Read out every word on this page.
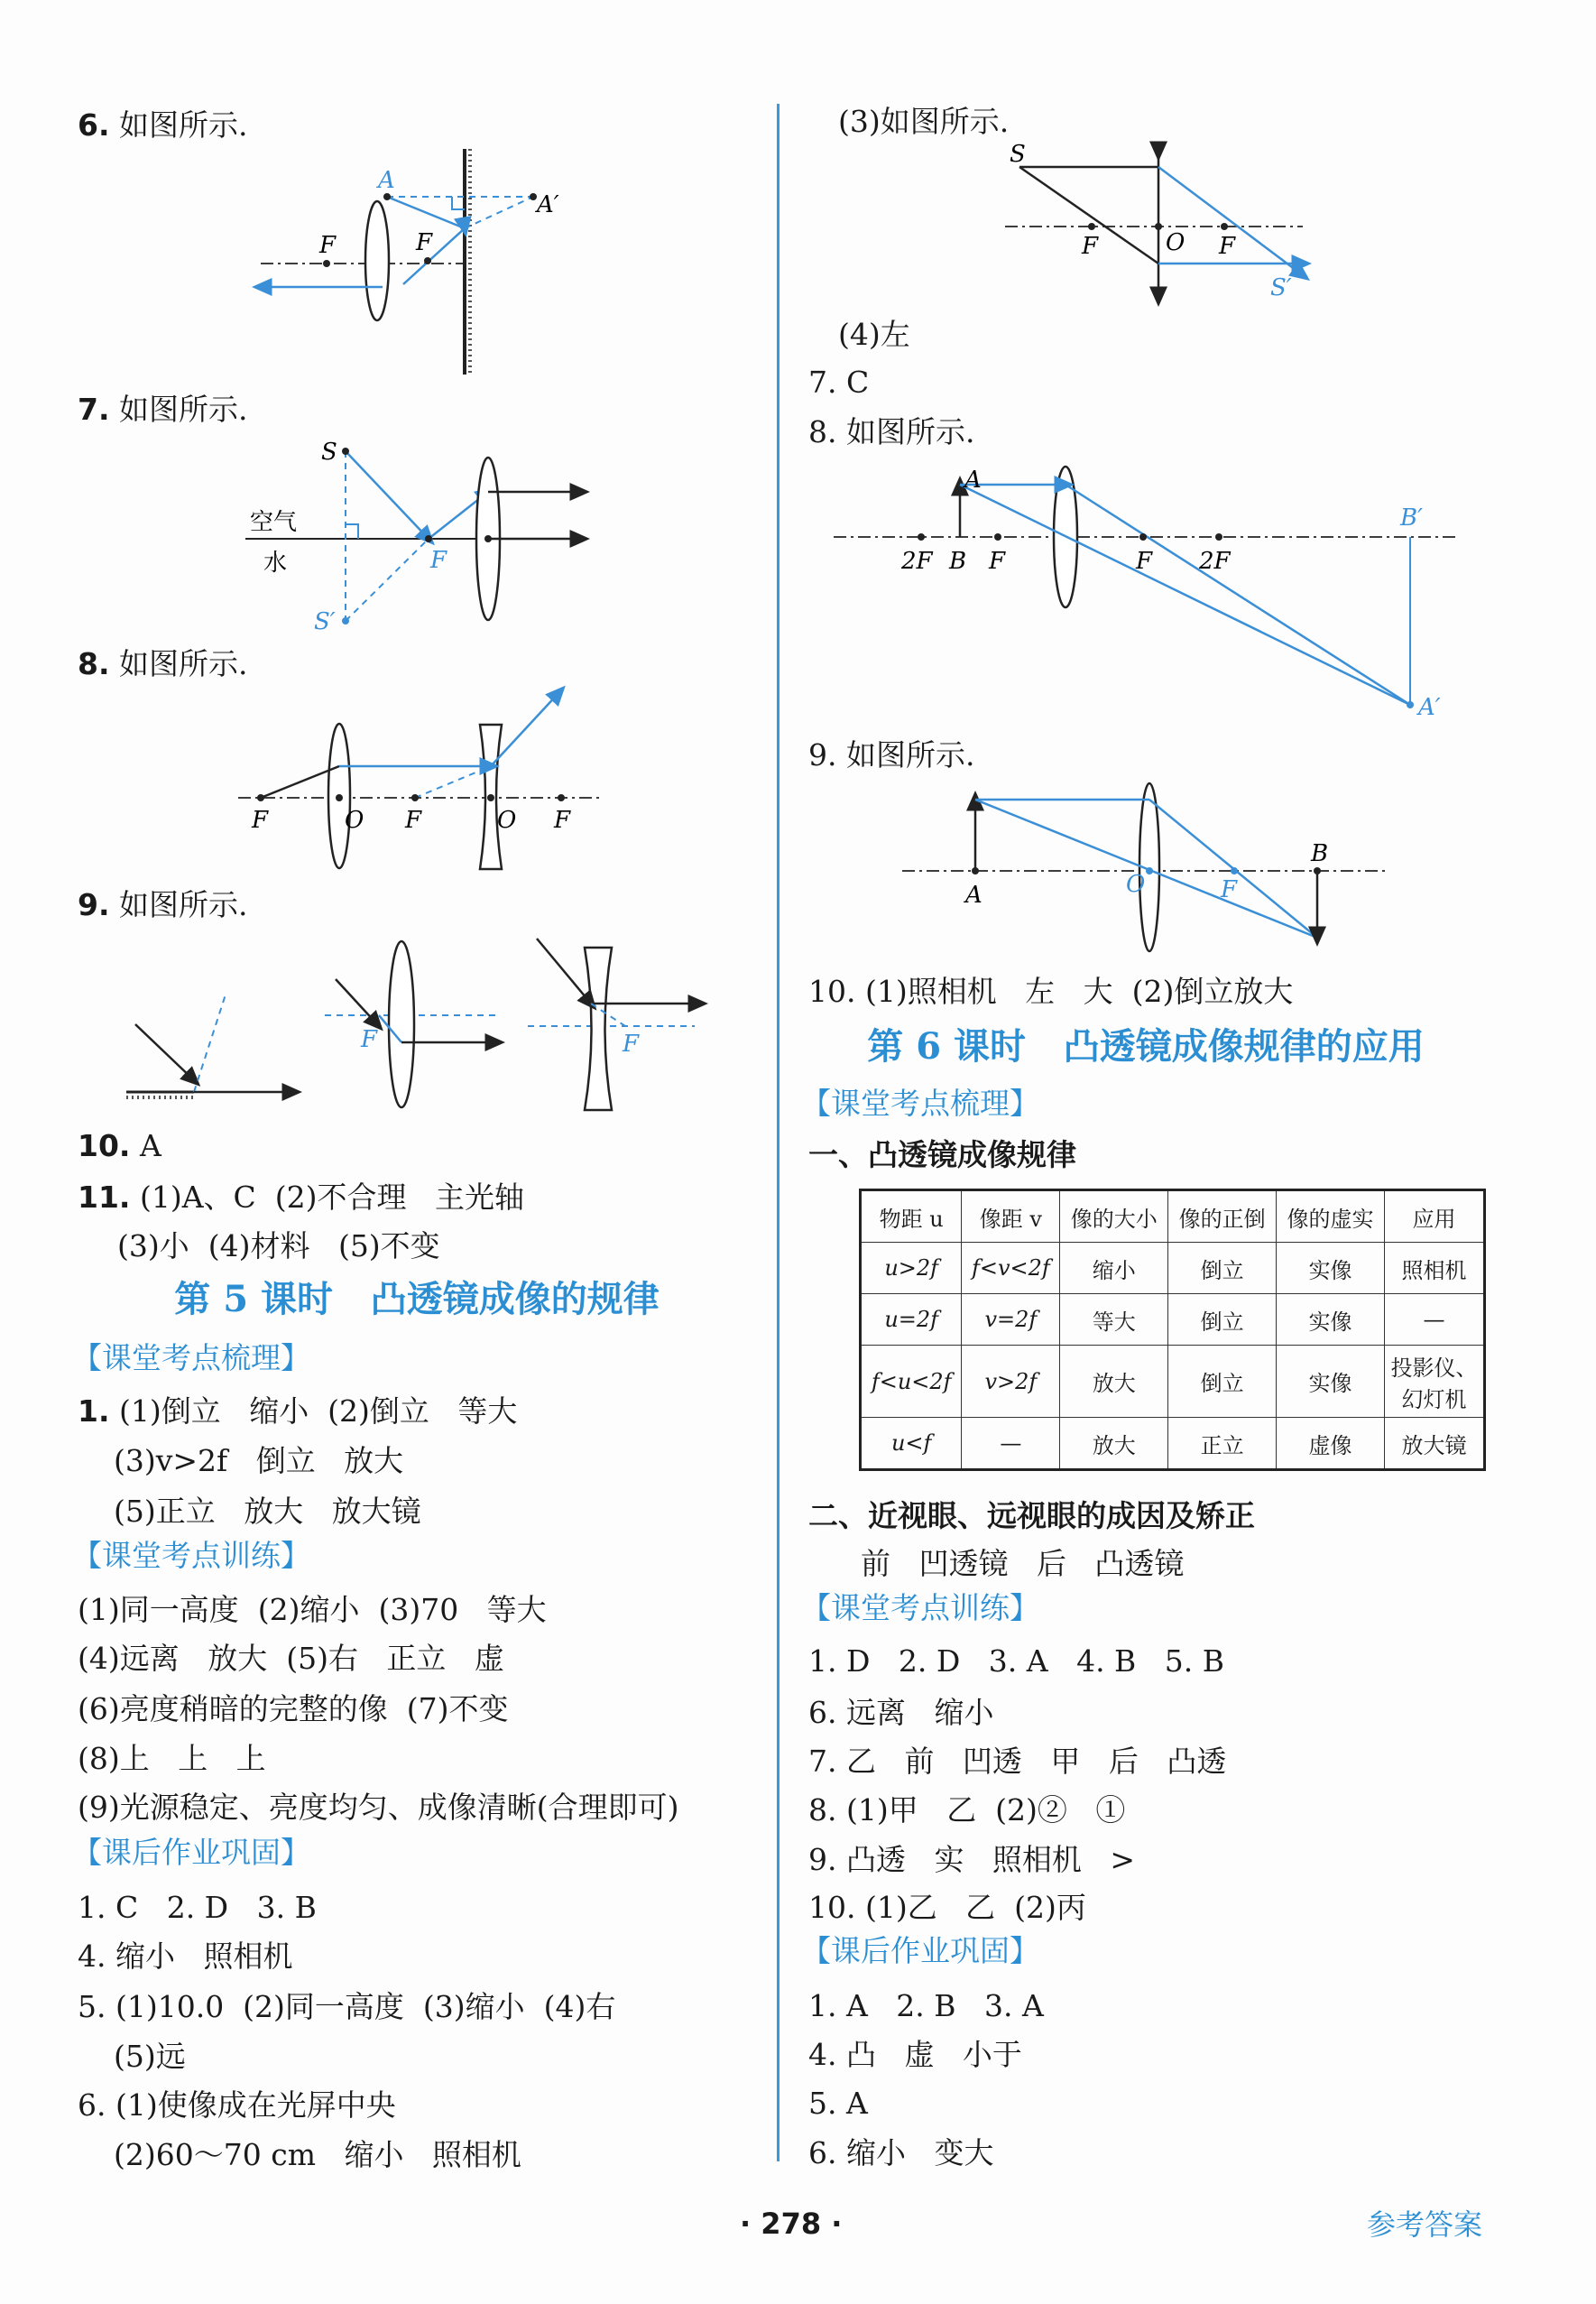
6. 如图所示.
A
A′
F	F
7. 如图所示.
S
S′
F
空气
水
8. 如图所示.
F	O F	O F
9. 如图所示.
F	F
10. A
11. (1)A、C  (2)不合理   主光轴
(3)小  (4)材料   (5)不变
第 5 课时   凸透镜成像的规律
【课堂考点梳理】
1. (1)倒立   缩小  (2)倒立   等大
(3)v>2f   倒立   放大
(5)正立   放大   放大镜
【课堂考点训练】
(1)同一高度  (2)缩小  (3)70   等大
(4)远离   放大  (5)右   正立   虚
(6)亮度稍暗的完整的像  (7)不变
(8)上   上   上
(9)光源稳定、亮度均匀、成像清晰(合理即可)
【课后作业巩固】
1. C   2. D   3. B
4. 缩小   照相机
5. (1)10.0  (2)同一高度  (3)缩小  (4)右
(5)远
6. (1)使像成在光屏中央
(2)60～70 cm   缩小   照相机
(3)如图所示.
S
F	O F
S′
(4)左
7. C
8. 如图所示.
A
2F B F	F 2F
B′
A′
9. 如图所示.
A	O	F
B
10. (1)照相机   左   大  (2)倒立放大
第 6 课时   凸透镜成像规律的应用
【课堂考点梳理】
一、凸透镜成像规律
物距 u	像距 v	像的大小	像的正倒	像的虚实	应用
u>2f	f<v<2f	缩小	倒立	实像	照相机
u=2f	v=2f	等大	倒立	实像	—
f<u<2f	v>2f	放大	倒立	实像	投影仪、幻灯机
u<f	—	放大	正立	虚像	放大镜
二、近视眼、远视眼的成因及矫正
前   凹透镜   后   凸透镜
【课堂考点训练】
1. D   2. D   3. A   4. B   5. B
6. 远离   缩小
7. 乙   前   凹透   甲   后   凸透
8. (1)甲   乙  (2)②   ①
9. 凸透   实   照相机   >
10. (1)乙   乙  (2)丙
【课后作业巩固】
1. A   2. B   3. A
4. 凸   虚   小于
5. A
6. 缩小   变大
· 278 ·	参考答案
